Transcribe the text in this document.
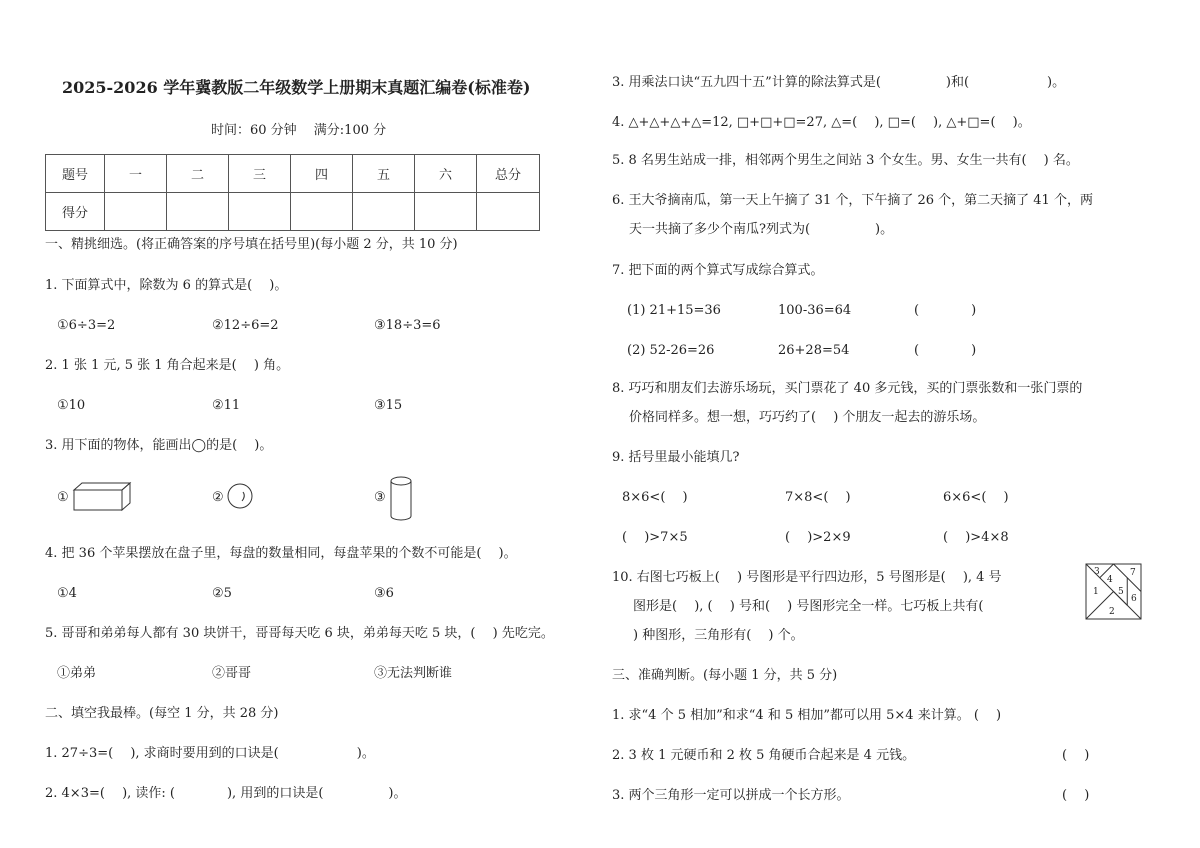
2025-2026 学年冀教版二年级数学上册期末真题汇编卷(标准卷)
时间：60 分钟　 满分:100 分
题号	一	二	三	四	五	六	总分
得分							
一、精挑细选。(将正确答案的序号填在括号里)(每小题 2 分，共 10 分)
1. 下面算式中，除数为 6 的算式是(　 )。
①6÷3=2	②12÷6=2	③18÷3=6
2. 1 张 1 元, 5 张 1 角合起来是(　 ) 角。
①10	②11	③15
3. 用下面的物体，能画出◯的是(　 )。
①	②	③
4. 把 36 个苹果摆放在盘子里，每盘的数量相同，每盘苹果的个数不可能是(　 )。
①4	②5	③6
5. 哥哥和弟弟每人都有 30 块饼干，哥哥每天吃 6 块，弟弟每天吃 5 块，(　 ) 先吃完。
①弟弟	②哥哥	③无法判断谁
二、填空我最棒。(每空 1 分，共 28 分)
1. 27÷3=(　 ), 求商时要用到的口诀是(　　　　　　)。
2. 4×3=(　 ), 读作: (　　　　), 用到的口诀是(　　　　　)。
3. 用乘法口诀“五九四十五”计算的除法算式是(　　　　　)和(　　　　　　)。
4. △+△+△+△=12, □+□+□=27, △=(　 ), □=(　 ), △+□=(　 )。
5. 8 名男生站成一排，相邻两个男生之间站 3 个女生。男、女生一共有(　 ) 名。
6. 王大爷摘南瓜，第一天上午摘了 31 个，下午摘了 26 个，第二天摘了 41 个，两
天一共摘了多少个南瓜?列式为(　　　　　)。
7. 把下面的两个算式写成综合算式。
(1) 21+15=36	100-36=64	(　　　　)
(2) 52-26=26	26+28=54	(　　　　)
8. 巧巧和朋友们去游乐场玩，买门票花了 40 多元钱，买的门票张数和一张门票的
价格同样多。想一想，巧巧约了(　 ) 个朋友一起去的游乐场。
9. 括号里最小能填几?
8×6<(　 )	7×8<(　 )	6×6<(　 )
(　 )>7×5	(　 )>2×9	(　 )>4×8
10. 右图七巧板上(　 ) 号图形是平行四边形，5 号图形是(　 ), 4 号
图形是(　 ), (　 ) 号和(　 ) 号图形完全一样。七巧板上共有(
) 种图形，三角形有(　 ) 个。
3
4
7
1 5
6
2
三、准确判断。(每小题 1 分，共 5 分)
1. 求“4 个 5 相加”和求“4 和 5 相加”都可以用 5×4 来计算。 (　 )
2. 3 枚 1 元硬币和 2 枚 5 角硬币合起来是 4 元钱。	(　 )
3. 两个三角形一定可以拼成一个长方形。	(　 )
